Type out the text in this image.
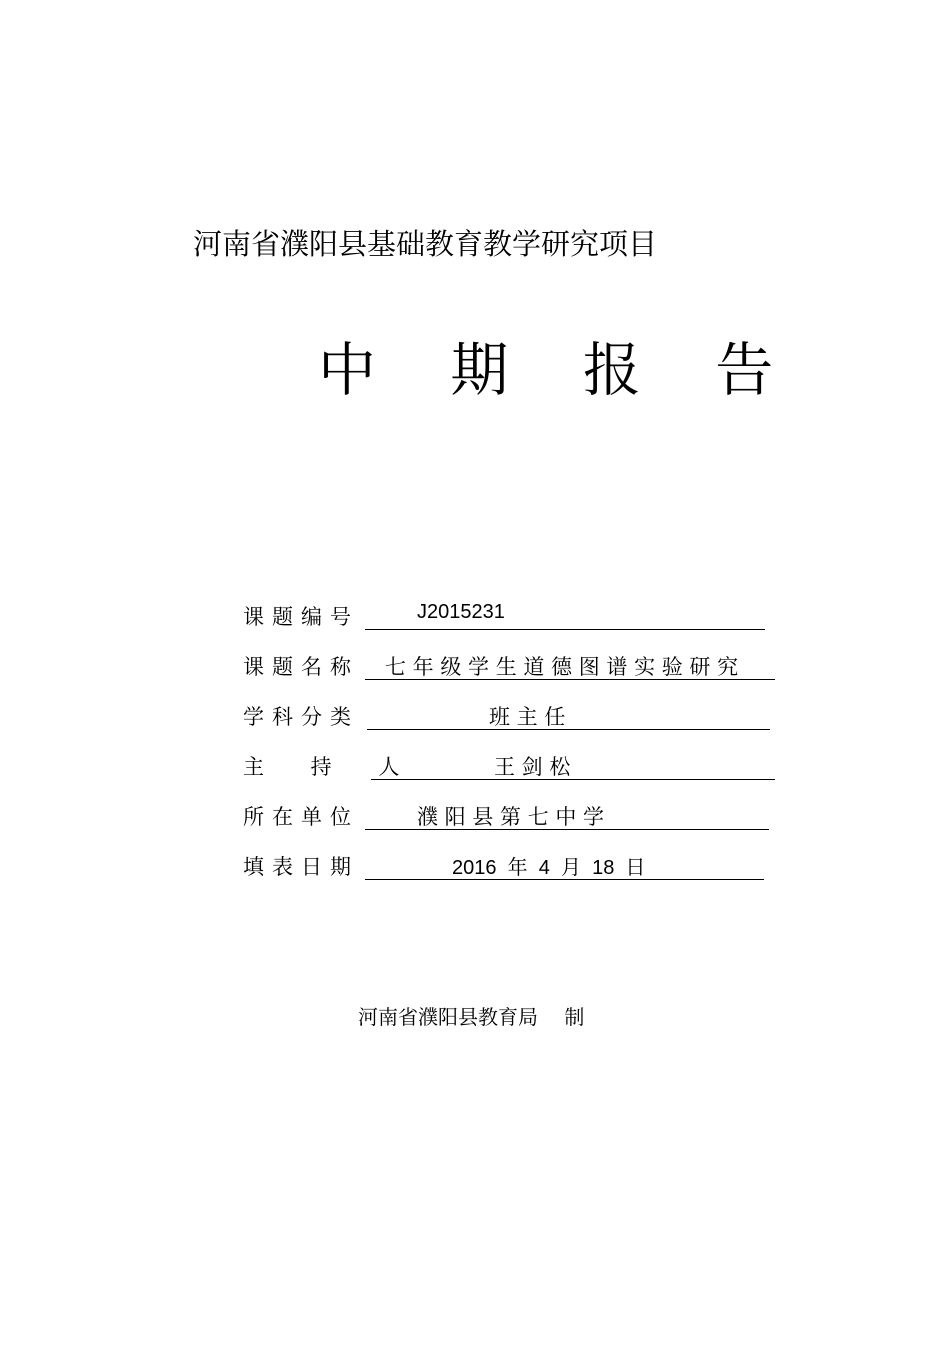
河南省濮阳县基础教育教学研究项目
中 期 报 告
课题编号	J2015231
课题名称 七 年 级 学 生 道 德 图 谱 实 验 研 究
学科分类	班 主 任
主 持 人	王 剑 松
所在单位	濮 阳 县 第 七 中 学
填表日期	2016  年  4  月  18  日
河南省濮阳县教育局　 制
